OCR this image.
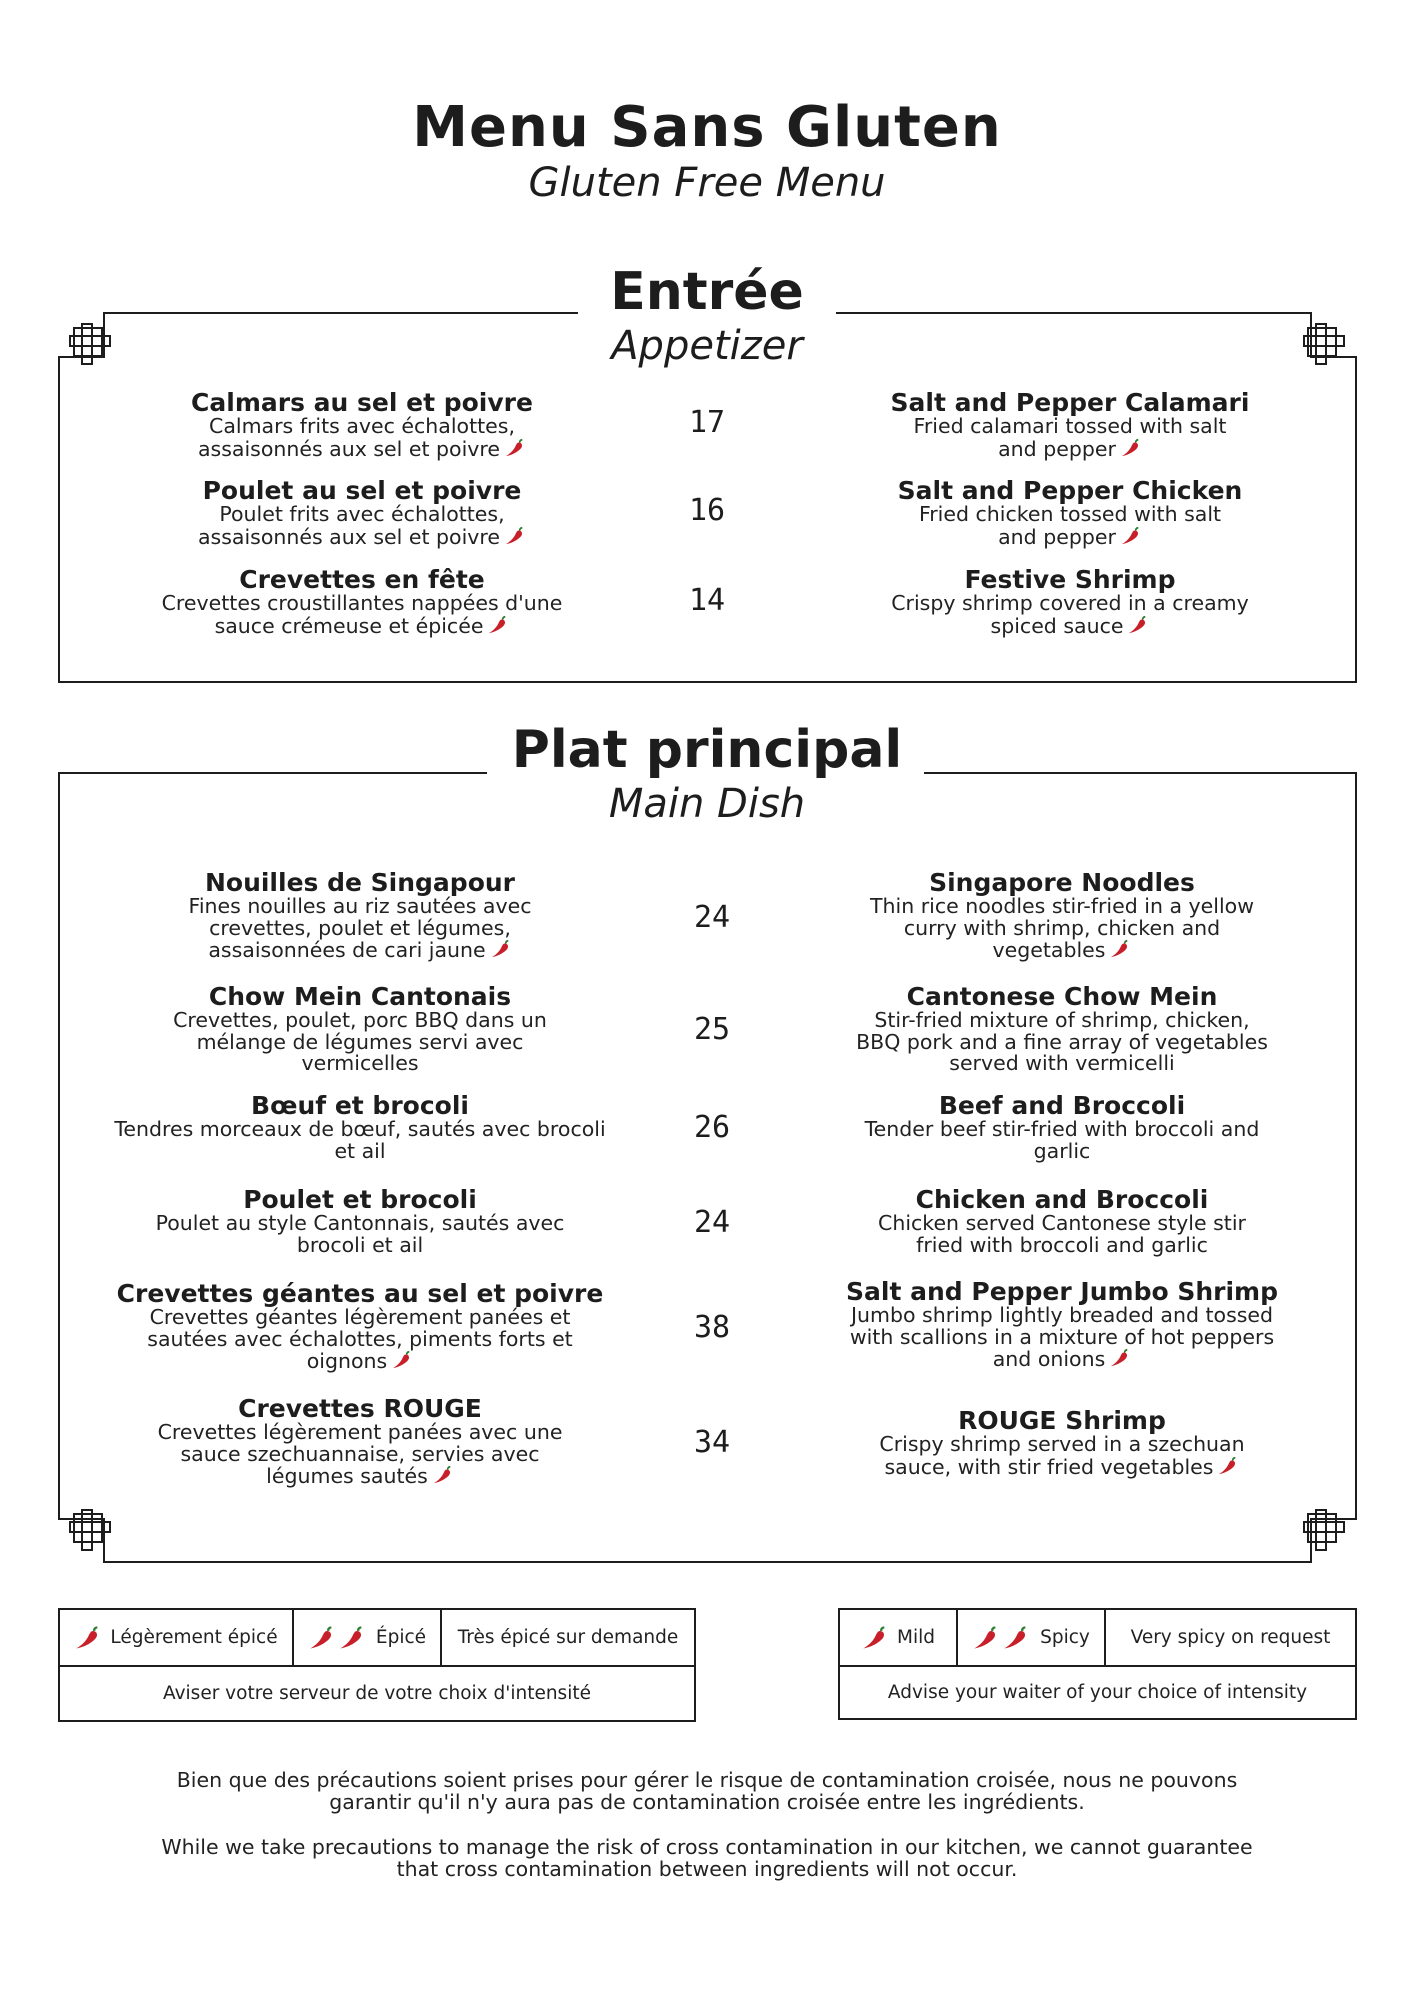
Menu Sans Gluten
Gluten Free Menu
Entrée
Appetizer
Calmars au sel et poivre
Calmars frits avec échalottes,
assaisonnés aux sel et poivre
17
Salt and Pepper Calamari
Fried calamari tossed with salt
and pepper
Poulet au sel et poivre
Poulet frits avec échalottes,
assaisonnés aux sel et poivre
16
Salt and Pepper Chicken
Fried chicken tossed with salt
and pepper
Crevettes en fête
Crevettes croustillantes nappées d'une
sauce crémeuse et épicée
14
Festive Shrimp
Crispy shrimp covered in a creamy
spiced sauce
Plat principal
Main Dish
Nouilles de Singapour
Fines nouilles au riz sautées avec
crevettes, poulet et légumes,
assaisonnées de cari jaune
24
Singapore Noodles
Thin rice noodles stir-fried in a yellow
curry with shrimp, chicken and
vegetables
Chow Mein Cantonais
Crevettes, poulet, porc BBQ dans un
mélange de légumes servi avec
vermicelles
25
Cantonese Chow Mein
Stir-fried mixture of shrimp, chicken,
BBQ pork and a fine array of vegetables
served with vermicelli
Bœuf et brocoli
Tendres morceaux de bœuf, sautés avec brocoli
et ail
26
Beef and Broccoli
Tender beef stir-fried with broccoli and
garlic
Poulet et brocoli
Poulet au style Cantonnais, sautés avec
brocoli et ail
24
Chicken and Broccoli
Chicken served Cantonese style stir
fried with broccoli and garlic
Crevettes géantes au sel et poivre
Crevettes géantes légèrement panées et
sautées avec échalottes, piments forts et
oignons
38
Salt and Pepper Jumbo Shrimp
Jumbo shrimp lightly breaded and tossed
with scallions in a mixture of hot peppers
and onions
Crevettes ROUGE
Crevettes légèrement panées avec une
sauce szechuannaise, servies avec
légumes sautés
34
ROUGE Shrimp
Crispy shrimp served in a szechuan
sauce, with stir fried vegetables
Légèrement épicé	Épicé	Très épicé sur demande
Aviser votre serveur de votre choix d'intensité
Mild	Spicy	Very spicy on request
Advise your waiter of your choice of intensity
Bien que des précautions soient prises pour gérer le risque de contamination croisée, nous ne pouvons
garantir qu'il n'y aura pas de contamination croisée entre les ingrédients.
While we take precautions to manage the risk of cross contamination in our kitchen, we cannot guarantee
that cross contamination between ingredients will not occur.
